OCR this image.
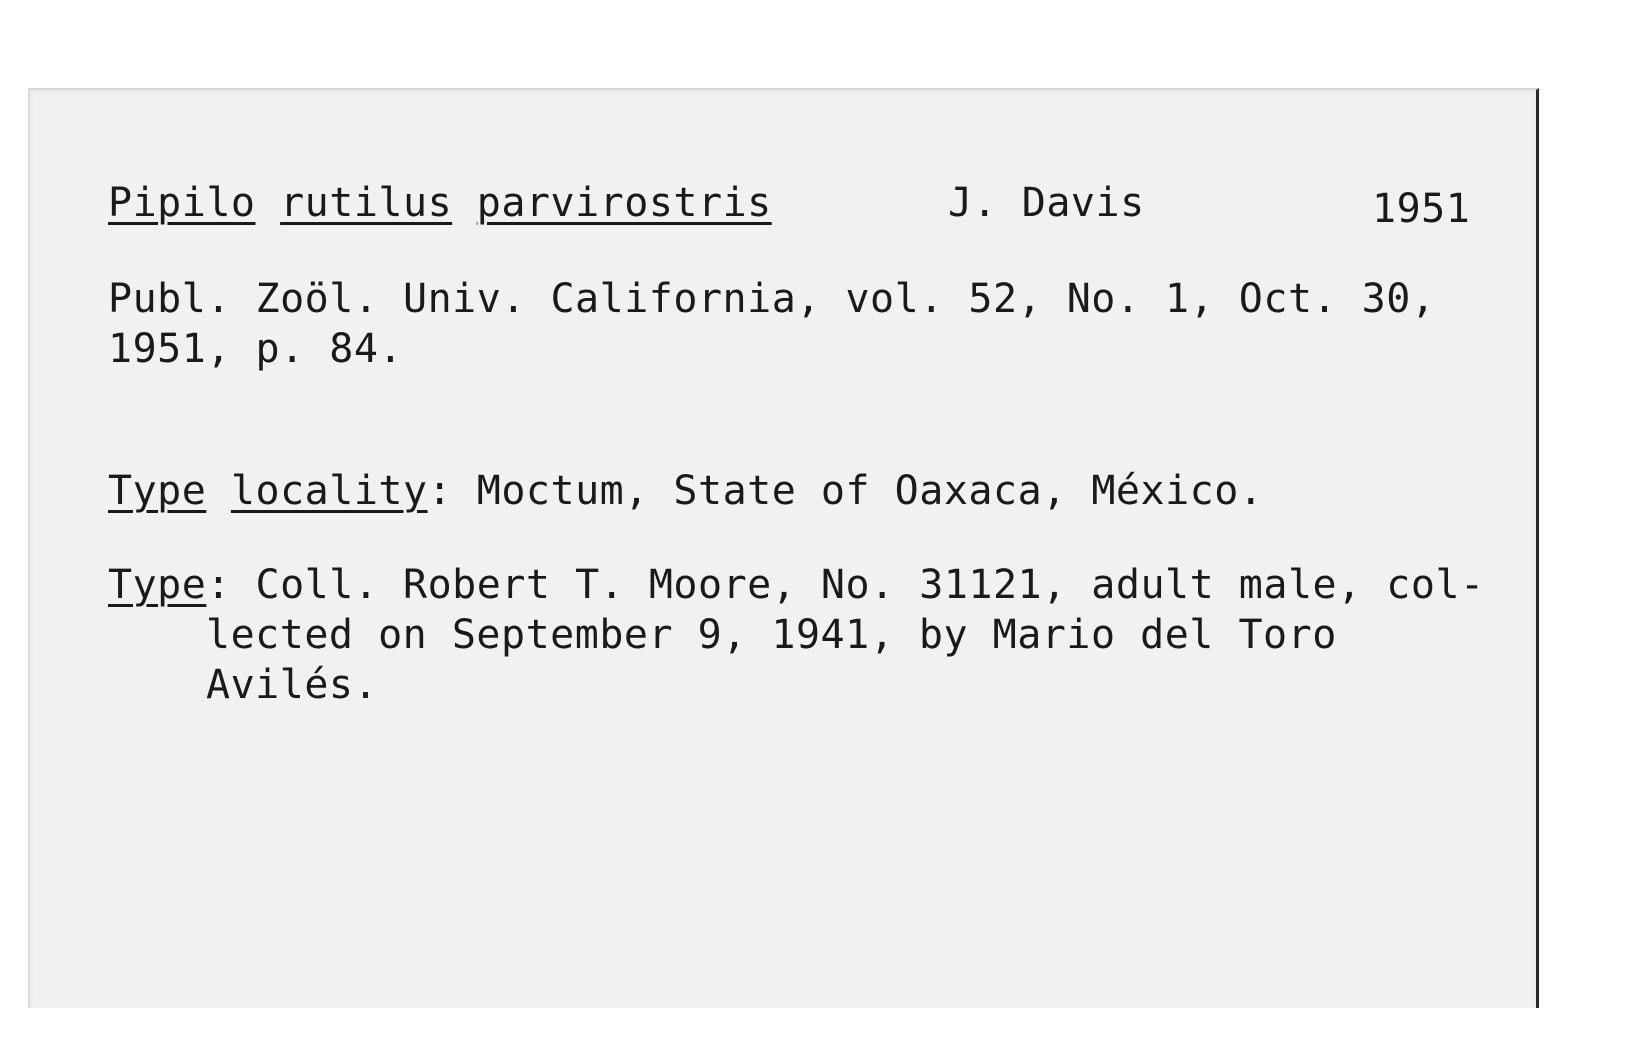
Pipilo rutilus parvirostris	J. Davis	1951
Publ. Zoöl. Univ. California, vol. 52, No. 1, Oct. 30,
1951, p. 84.
Type locality: Moctum, State of Oaxaca, México.
Type: Coll. Robert T. Moore, No. 31121, adult male, col-
lected on September 9, 1941, by Mario del Toro
Avilés.
